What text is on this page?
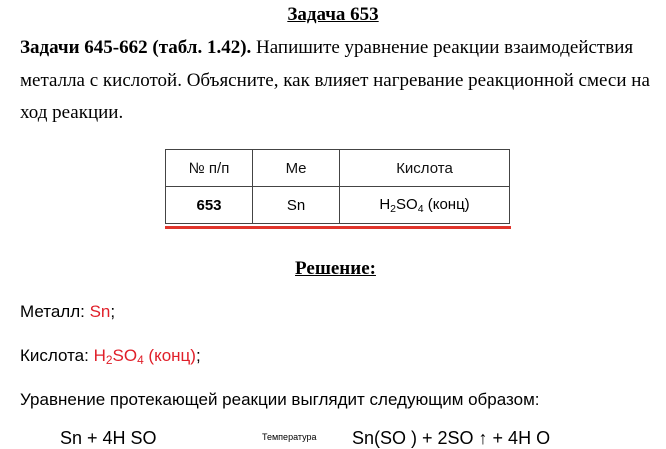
Задача 653
Задачи 645-662 (табл. 1.42). Напишите уравнение реакции взаимодействия
металла с кислотой. Объясните, как влияет нагревание реакционной смеси на
ход реакции.
№ п/п	Me	Кислота
653	Sn	$H_2SO_4$ (конц)
Решение:
Металл: Sn;
Кислота: $H_2SO_4$ (конц);
Уравнение протекающей реакции выглядит следующим образом:
Sn + 4H SO	Температура Sn(SO ) + 2SO ↑ + 4H O
